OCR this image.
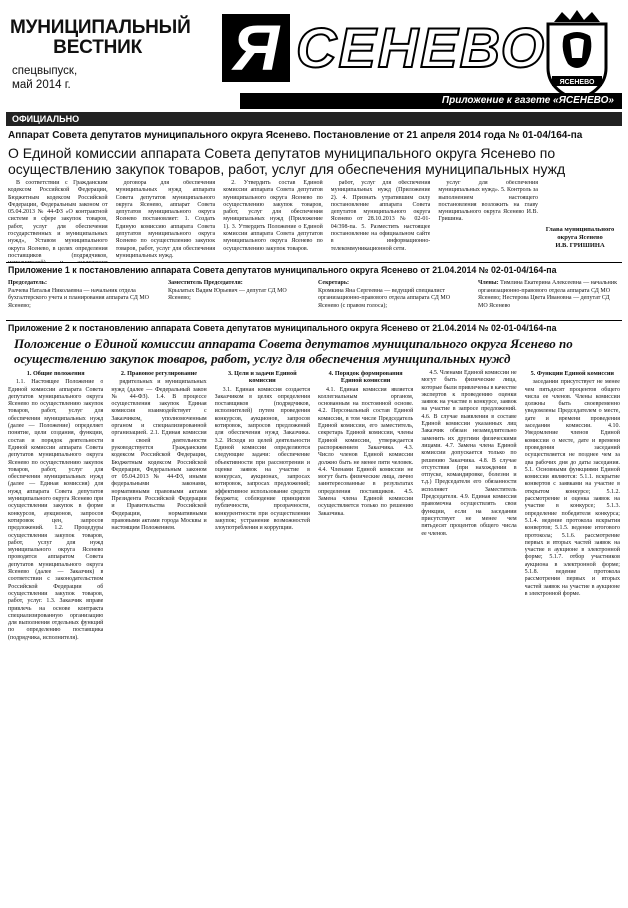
МУНИЦИПАЛЬНЫЙ
ВЕСТНИК
спецвыпуск,
май 2014 г.
Я СЕНЕВО
ЯСЕНЕВО
Приложение к газете «ЯСЕНЕВО»
ОФИЦИАЛЬНО
Аппарат Совета депутатов муниципального округа Ясенево. Постановление от 21 апреля 2014 года № 01-04/164-па
О Единой комиссии аппарата Совета депутатов муниципального округа Ясенево по осуществлению закупок товаров, работ, услуг для обеспечения муниципальных нужд

В соответствии с Гражданским кодексом Российской Федерации, Бюджетным кодексом Российской Федерации, Федеральным законом от 05.04.2013 № 44-ФЗ «О контрактной системе в сфере закупок товаров, работ, услуг для обеспечения государственных и муниципальных нужд», Уставом муниципального округа Ясенево, в целях определения поставщиков (подрядчиков,

договора для обеспечения муниципальных нужд аппарата Совета депутатов муниципального округа Ясенево, аппарат Совета депутатов муниципального округа Ясенево постановляет: 1. Создать Единую комиссию аппарата Совета депутатов муниципального округа Ясенево по осуществлению закупок товаров, работ, услуг для обеспечения муниципальных нужд.

2. Утвердить состав Единой комиссии аппарата Совета депутатов муниципального округа Ясенево по осуществлению закупок товаров, работ, услуг для обеспечения муниципальных нужд (Приложение 1). 3. Утвердить Положение о Единой комиссии аппарата Совета депутатов муниципального округа Ясенево по осуществлению закупок товаров.

работ, услуг для обеспечения муниципальных нужд (Приложение 2). 4. Признать утратившим силу постановление аппарата Совета депутатов муниципального округа Ясенево от 28.10.2013 № 02-01-04/398-па. 5. Разместить настоящее постановление на официальном сайте в информационно-телекоммуникационной сети.

услуг для обеспечения муниципальных нужд». 5. Контроль за выполнением настоящего постановления возложить на главу муниципального округа Ясенево И.В. Гришина.

Глава муниципального округа Ясенево
И.В. ГРИШИНА
Приложение 1 к постановлению аппарата Совета депутатов муниципального округа Ясенево от 21.04.2014 № 02-01-04/164-па
Председатель:
Ралчева Наталья Николаевна — начальник отдела бухгалтерского учета и планирования аппарата СД МО Ясенево;
Заместитель Председателя:
Крылатых Вадим Юрьевич — депутат СД МО Ясенево;
Секретарь:
Кромкина Яна Сергеевна — ведущий специалист организационно-правового отдела аппарата СД МО Ясенево (с правом голоса);
Члены: Тимлина Екатерина Алексеевна — начальник организационно-правового отдела аппарата СД МО Ясенево; Нестерова Цвета Ивановна — депутат СД МО Ясенево
Приложение 2 к постановлению аппарата Совета депутатов муниципального округа Ясенево от 21.04.2014 № 02-01-04/164-па
Положение о Единой комиссии аппарата Совета депутатов муниципального округа Ясенево по осуществлению закупок товаров, работ, услуг для обеспечения муниципальных нужд
1. Общие положения

1.1. Настоящее Положение о Единой комиссии аппарата Совета депутатов муниципального округа Ясенево по осуществлению закупок товаров, работ, услуг для обеспечения муниципальных нужд (далее — Положение) определяет понятие, цели создания, функции, состав и порядок деятельности Единой комиссии аппарата Совета депутатов муниципального округа Ясенево по осуществлению закупок товаров, работ, услуг для обеспечения муниципальных нужд (далее — Единая комиссия) для нужд аппарата Совета депутатов муниципального округа Ясенево при осуществлении закупок в форме конкурсов, аукционов, запросов котировок цен, запросов предложений. 1.2. Процедуры осуществления закупок товаров, работ, услуг для нужд муниципального округа Ясенево проводятся аппаратом Совета депутатов муниципального округа Ясенево (далее — Заказчик) в соответствии с законодательством Российской Федерации об осуществлении закупок товаров, работ, услуг. 1.3. Заказчик вправе привлечь на основе контракта специализированную организацию для выполнения отдельных функций по определению поставщика (подрядчика, исполнителя).

2. Правовое регулирование

рядительных и муниципальных нужд (далее — Федеральный закон № 44-ФЗ). 1.4. В процессе осуществления закупок Единая комиссия взаимодействует с Заказчиком, уполномоченным органом и специализированной организацией. 2.1. Единая комиссия в своей деятельности руководствуется Гражданским кодексом Российской Федерации, Бюджетным кодексом Российской Федерации, Федеральным законом от 05.04.2013 № 44-ФЗ, иными федеральными законами, нормативными правовыми актами Президента Российской Федерации и Правительства Российской Федерации, нормативными правовыми актами города Москвы и настоящим Положением.

3. Цели и задачи Единой комиссии

3.1. Единая комиссия создается Заказчиком в целях определения поставщиков (подрядчиков, исполнителей) путем проведения конкурсов, аукционов, запросов котировок, запросов предложений для обеспечения нужд Заказчика. 3.2. Исходя из целей деятельности Единой комиссии определяются следующие задачи: обеспечение объективности при рассмотрении и оценке заявок на участие в конкурсах, аукционах, запросах котировок, запросах предложений; эффективное использование средств бюджета; соблюдение принципов публичности, прозрачности, конкурентности при осуществлении закупок; устранение возможностей злоупотребления и коррупции.

4. Порядок формирования Единой комиссии

4.1. Единая комиссия является коллегиальным органом, основанным на постоянной основе. 4.2. Персональный состав Единой комиссии, в том числе Председатель Единой комиссии, его заместитель, секретарь Единой комиссии, члены Единой комиссии, утверждается распоряжением Заказчика. 4.3. Число членов Единой комиссии должно быть не менее пяти человек. 4.4. Членами Единой комиссии не могут быть физические лица, лично заинтересованные в результатах определения поставщиков. 4.5. Замена члена Единой комиссии осуществляется только по решению Заказчика.

4.5. Членами Единой комиссии не могут быть физические лица, которые были привлечены в качестве экспертов к проведению оценки заявок на участие в конкурсе, заявок на участие в запросе предложений. 4.6. В случае выявления в составе Единой комиссии указанных лиц Заказчик обязан незамедлительно заменить их другими физическими лицами. 4.7. Замена члена Единой комиссии допускается только по решению Заказчика. 4.8. В случае отсутствия (при нахождении в отпуске, командировке, болезни и т.д.) Председателя его обязанности исполняет Заместитель Председателя. 4.9. Единая комиссия правомочна осуществлять свои функции, если на заседании присутствует не менее чем пятьдесят процентов общего числа ее членов.

5. Функции Единой комиссии

заседании присутствует не менее чем пятьдесят процентов общего числа ее членов. Члены комиссии должны быть своевременно уведомлены Председателем о месте, дате и времени проведения заседания комиссии. 4.10. Уведомление членов Единой комиссии о месте, дате и времени проведения заседаний осуществляется не позднее чем за два рабочих дня до даты заседания. 5.1. Основными функциями Единой комиссии являются: 5.1.1. вскрытие конвертов с заявками на участие в открытом конкурсе; 5.1.2. рассмотрение и оценка заявок на участие в конкурсе; 5.1.3. определение победителя конкурса; 5.1.4. ведение протокола вскрытия конвертов; 5.1.5. ведение итогового протокола; 5.1.6. рассмотрение первых и вторых частей заявок на участие в аукционе в электронной форме; 5.1.7. отбор участников аукциона в электронной форме; 5.1.8. ведение протокола рассмотрения первых и вторых частей заявок на участие в аукционе в электронной форме.
